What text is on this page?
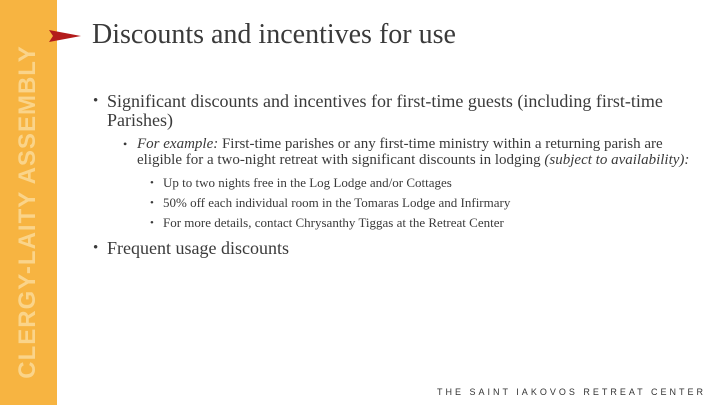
CLERGY-LAITY ASSEMBLY
Discounts and incentives for use
• Significant discounts and incentives for first-time guests (including first-time Parishes)
• For example: First-time parishes or any first-time ministry within a returning parish are eligible for a two-night retreat with significant discounts in lodging (subject to availability):
• Up to two nights free in the Log Lodge and/or Cottages
• 50% off each individual room in the Tomaras Lodge and Infirmary
• For more details, contact Chrysanthy Tiggas at the Retreat Center
• Frequent usage discounts
THE SAINT IAKOVOS RETREAT CENTER
